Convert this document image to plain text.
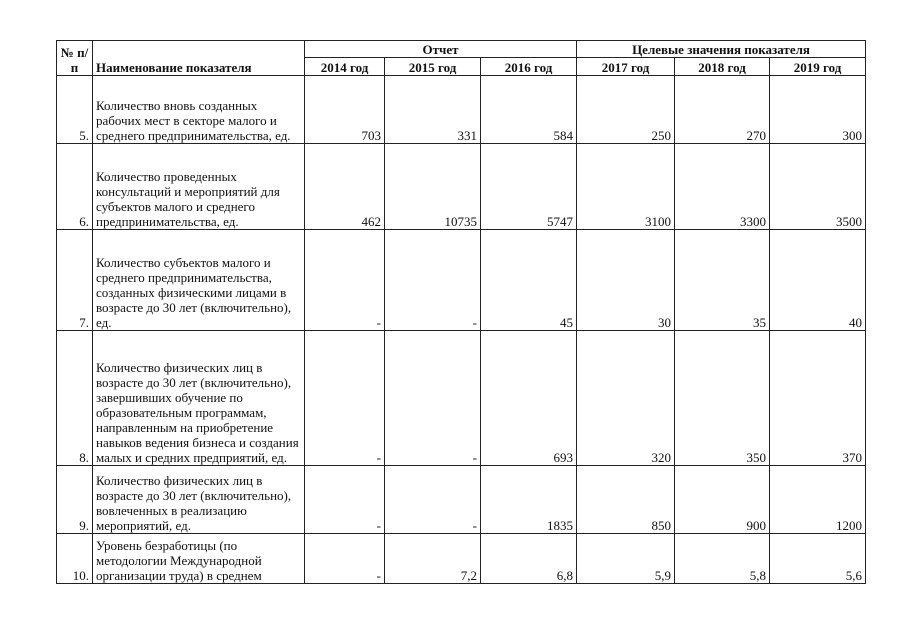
№ п/п	Наименование показателя	Отчет			Целевые значения показателя		
		2014 год	2015 год	2016 год	2017 год	2018 год	2019 год
5.	Количество вновь созданных рабочих мест в секторе малого и среднего предпринимательства, ед.	703	331	584	250	270	300
6.	Количество проведенных консультаций и мероприятий для субъектов малого и среднего предпринимательства, ед.	462	10735	5747	3100	3300	3500
7.	Количество субъектов малого и среднего предпринимательства, созданных физическими лицами в возрасте до 30 лет (включительно), ед.	-	-	45	30	35	40
8.	Количество физических лиц в возрасте до 30 лет (включительно), завершивших обучение по образовательным программам, направленным на приобретение навыков ведения бизнеса и создания малых и средних предприятий, ед.	-	-	693	320	350	370
9.	Количество физических лиц в возрасте до 30 лет (включительно), вовлеченных в реализацию мероприятий, ед.	-	-	1835	850	900	1200
10.	Уровень безработицы (по методологии Международной организации труда) в среднем	-	7,2	6,8	5,9	5,8	5,6
